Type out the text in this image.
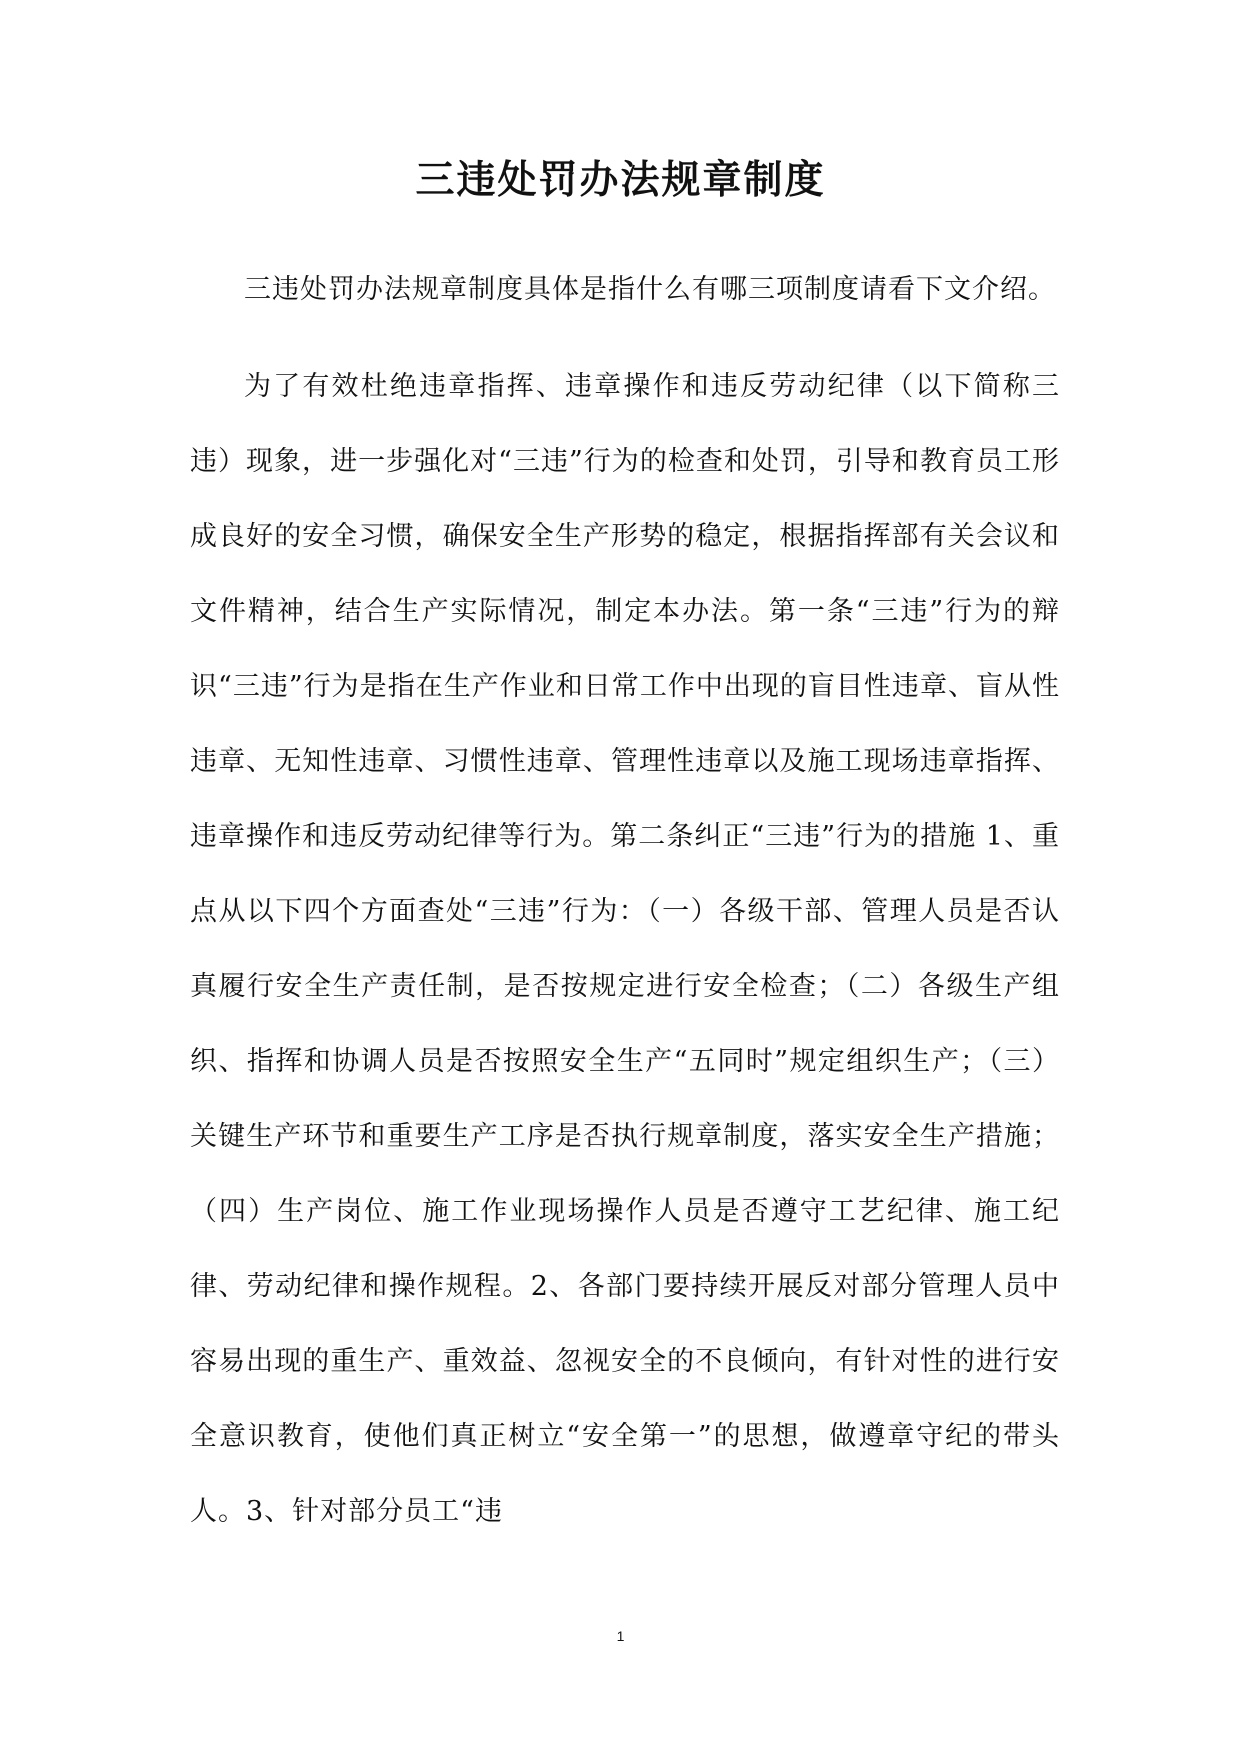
三违处罚办法规章制度

三违处罚办法规章制度具体是指什么有哪三项制度请看下文介绍。

为了有效杜绝违章指挥、违章操作和违反劳动纪律（以下简称三违）现象，进一步强化对“三违”行为的检查和处罚，引导和教育员工形成良好的安全习惯，确保安全生产形势的稳定，根据指挥部有关会议和文件精神，结合生产实际情况，制定本办法。第一条“三违”行为的辩识“三违”行为是指在生产作业和日常工作中出现的盲目性违章、盲从性违章、无知性违章、习惯性违章、管理性违章以及施工现场违章指挥、违章操作和违反劳动纪律等行为。第二条纠正“三违”行为的措施 1、重点从以下四个方面查处“三违”行为：（一）各级干部、管理人员是否认真履行安全生产责任制，是否按规定进行安全检查；（二）各级生产组织、指挥和协调人员是否按照安全生产“五同时”规定组织生产；（三）关键生产环节和重要生产工序是否执行规章制度，落实安全生产措施；（四）生产岗位、施工作业现场操作人员是否遵守工艺纪律、施工纪律、劳动纪律和操作规程。2、各部门要持续开展反对部分管理人员中容易出现的重生产、重效益、忽视安全的不良倾向，有针对性的进行安全意识教育，使他们真正树立“安全第一”的思想，做遵章守纪的带头人。3、针对部分员工“违

1
